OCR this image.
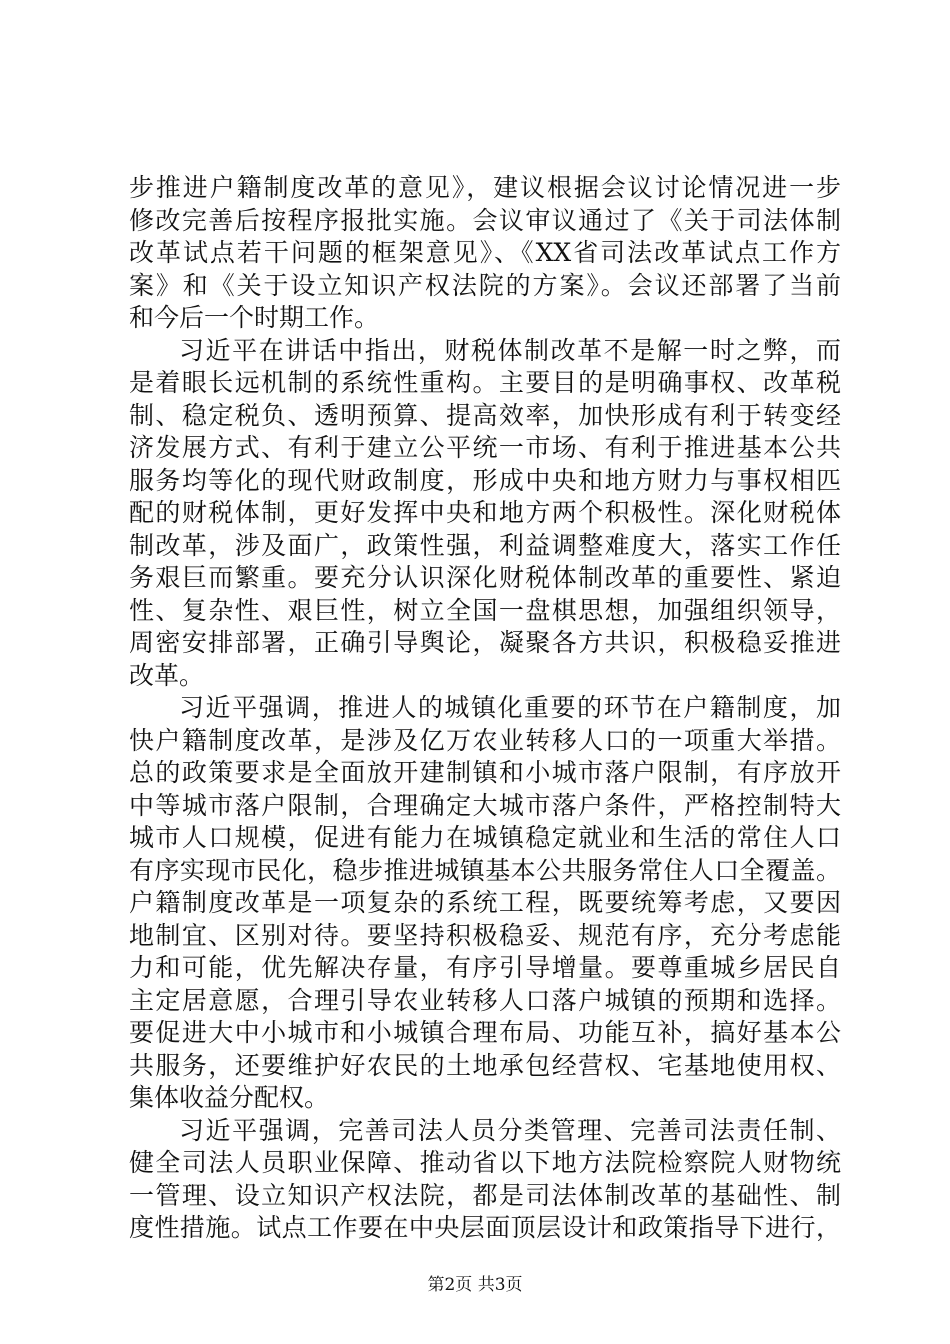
步推进户籍制度改革的意见》，建议根据会议讨论情况进一步
修改完善后按程序报批实施。会议审议通过了《关于司法体制
改革试点若干问题的框架意见》、《XX省司法改革试点工作方
案》和《关于设立知识产权法院的方案》。会议还部署了当前
和今后一个时期工作。
习近平在讲话中指出，财税体制改革不是解一时之弊，而
是着眼长远机制的系统性重构。主要目的是明确事权、改革税
制、稳定税负、透明预算、提高效率，加快形成有利于转变经
济发展方式、有利于建立公平统一市场、有利于推进基本公共
服务均等化的现代财政制度，形成中央和地方财力与事权相匹
配的财税体制，更好发挥中央和地方两个积极性。深化财税体
制改革，涉及面广，政策性强，利益调整难度大，落实工作任
务艰巨而繁重。要充分认识深化财税体制改革的重要性、紧迫
性、复杂性、艰巨性，树立全国一盘棋思想，加强组织领导，
周密安排部署，正确引导舆论，凝聚各方共识，积极稳妥推进
改革。
习近平强调，推进人的城镇化重要的环节在户籍制度，加
快户籍制度改革，是涉及亿万农业转移人口的一项重大举措。
总的政策要求是全面放开建制镇和小城市落户限制，有序放开
中等城市落户限制，合理确定大城市落户条件，严格控制特大
城市人口规模，促进有能力在城镇稳定就业和生活的常住人口
有序实现市民化，稳步推进城镇基本公共服务常住人口全覆盖。
户籍制度改革是一项复杂的系统工程，既要统筹考虑，又要因
地制宜、区别对待。要坚持积极稳妥、规范有序，充分考虑能
力和可能，优先解决存量，有序引导增量。要尊重城乡居民自
主定居意愿，合理引导农业转移人口落户城镇的预期和选择。
要促进大中小城市和小城镇合理布局、功能互补，搞好基本公
共服务，还要维护好农民的土地承包经营权、宅基地使用权、
集体收益分配权。
习近平强调，完善司法人员分类管理、完善司法责任制、
健全司法人员职业保障、推动省以下地方法院检察院人财物统
一管理、设立知识产权法院，都是司法体制改革的基础性、制
度性措施。试点工作要在中央层面顶层设计和政策指导下进行，
第2页 共3页
